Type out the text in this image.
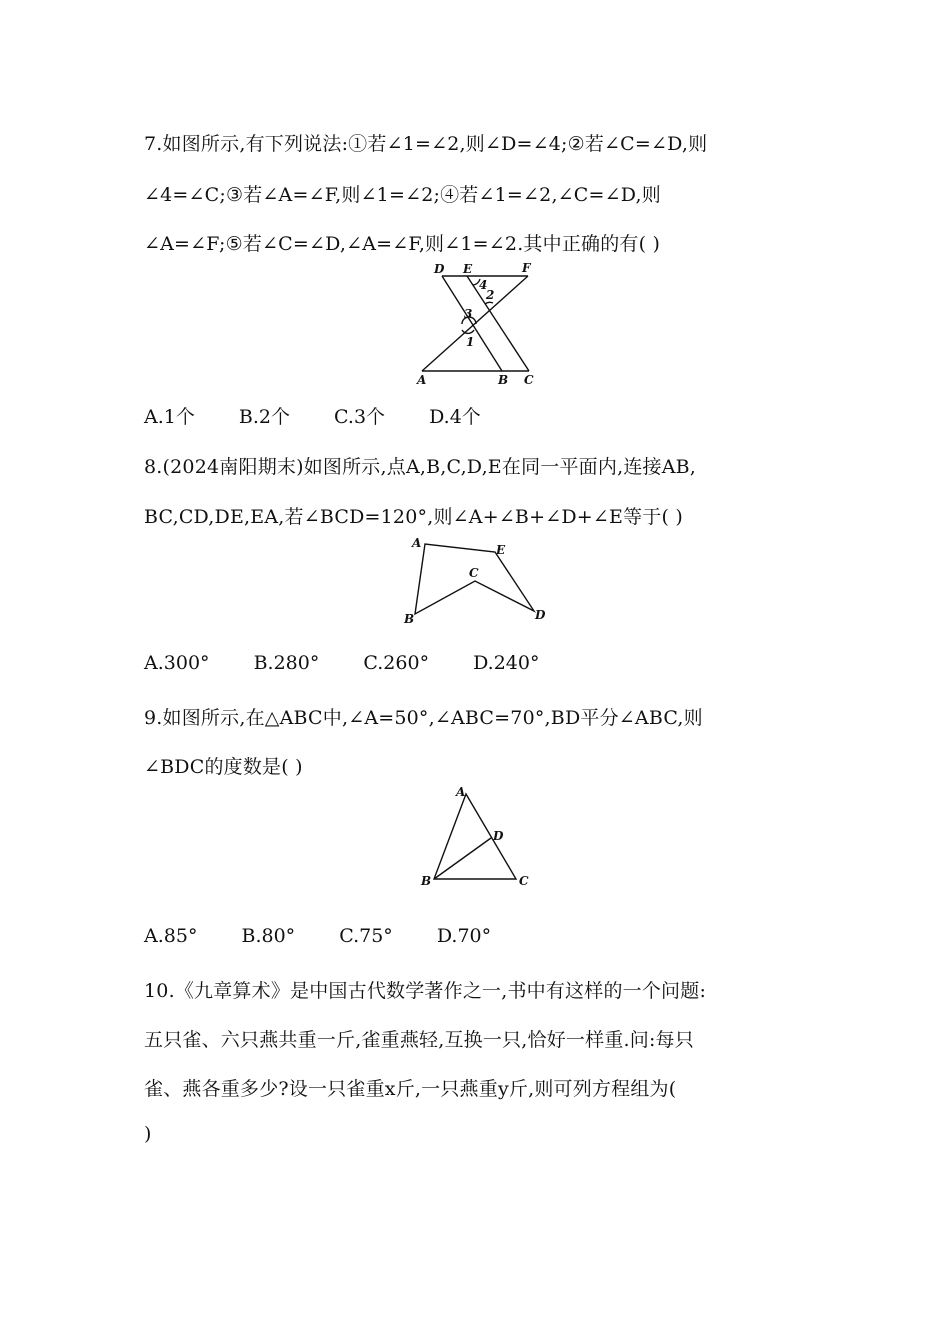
7.如图所示,有下列说法:①若∠1=∠2,则∠D=∠4;②若∠C=∠D,则
∠4=∠C;③若∠A=∠F,则∠1=∠2;④若∠1=∠2,∠C=∠D,则
∠A=∠F;⑤若∠C=∠D,∠A=∠F,则∠1=∠2.其中正确的有( )
D E	F
4
2
3
1
A	B C
A.1个 B.2个 C.3个 D.4个
8.(2024南阳期末)如图所示,点A,B,C,D,E在同一平面内,连接AB,
BC,CD,DE,EA,若∠BCD=120°,则∠A+∠B+∠D+∠E等于( )
A	E
C
B	D
A.300° B.280° C.260° D.240°
9.如图所示,在△ABC中,∠A=50°,∠ABC=70°,BD平分∠ABC,则
∠BDC的度数是( )
A
D
B	C
A.85° B.80° C.75° D.70°
10.《九章算术》是中国古代数学著作之一,书中有这样的一个问题:
五只雀、六只燕共重一斤,雀重燕轻,互换一只,恰好一样重.问:每只
雀、燕各重多少?设一只雀重x斤,一只燕重y斤,则可列方程组为(
)
